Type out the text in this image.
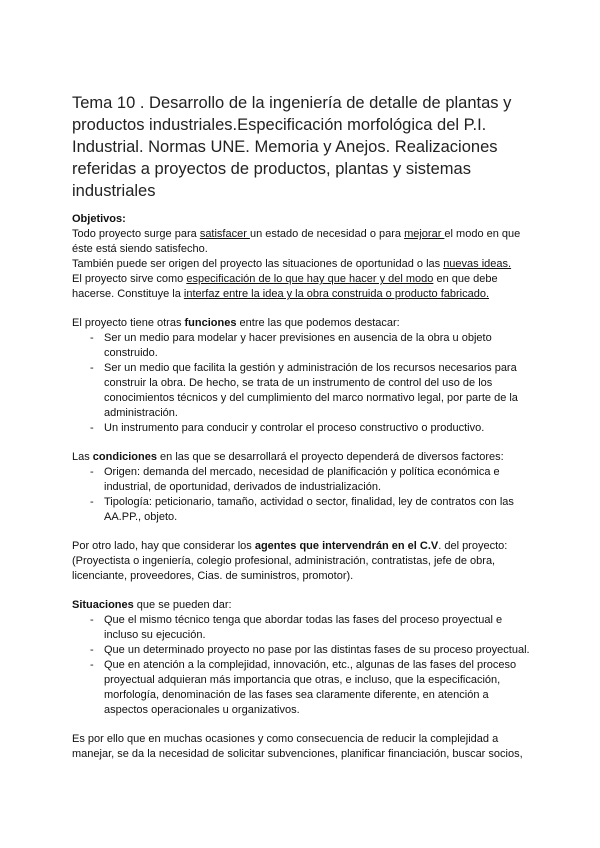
Tema 10 . Desarrollo de la ingeniería de detalle de plantas y productos industriales.Especificación morfológica del P.I. Industrial. Normas UNE. Memoria y Anejos. Realizaciones referidas a proyectos de productos, plantas y sistemas industriales

Objetivos:

Todo proyecto surge para satisfacer un estado de necesidad o para mejorar el modo en que éste está siendo satisfecho.

También puede ser origen del proyecto las situaciones de oportunidad o las nuevas ideas.

El proyecto sirve como especificación de lo que hay que hacer y del modo en que debe hacerse. Constituye la interfaz entre la idea y la obra construida o producto fabricado.

El proyecto tiene otras funciones entre las que podemos destacar:

- Ser un medio para modelar y hacer previsiones en ausencia de la obra u objeto construido.
- Ser un medio que facilita la gestión y administración de los recursos necesarios para construir la obra. De hecho, se trata de un instrumento de control del uso de los conocimientos técnicos y del cumplimiento del marco normativo legal, por parte de la administración.
- Un instrumento para conducir y controlar el proceso constructivo o productivo.

Las condiciones en las que se desarrollará el proyecto dependerá de diversos factores:

- Origen: demanda del mercado, necesidad de planificación y política económica e industrial, de oportunidad, derivados de industrialización.
- Tipología: peticionario, tamaño, actividad o sector, finalidad, ley de contratos con las AA.PP., objeto.

Por otro lado, hay que considerar los agentes que intervendrán en el C.V. del proyecto: (Proyectista o ingeniería, colegio profesional, administración, contratistas, jefe de obra, licenciante, proveedores, Cias. de suministros, promotor).

Situaciones que se pueden dar:

- Que el mismo técnico tenga que abordar todas las fases del proceso proyectual e incluso su ejecución.
- Que un determinado proyecto no pase por las distintas fases de su proceso proyectual.
- Que en atención a la complejidad, innovación, etc., algunas de las fases del proceso proyectual adquieran más importancia que otras, e incluso, que la especificación, morfología, denominación de las fases sea claramente diferente, en atención a aspectos operacionales u organizativos.

Es por ello que en muchas ocasiones y como consecuencia de reducir la complejidad a manejar, se da la necesidad de solicitar subvenciones, planificar financiación, buscar socios,
